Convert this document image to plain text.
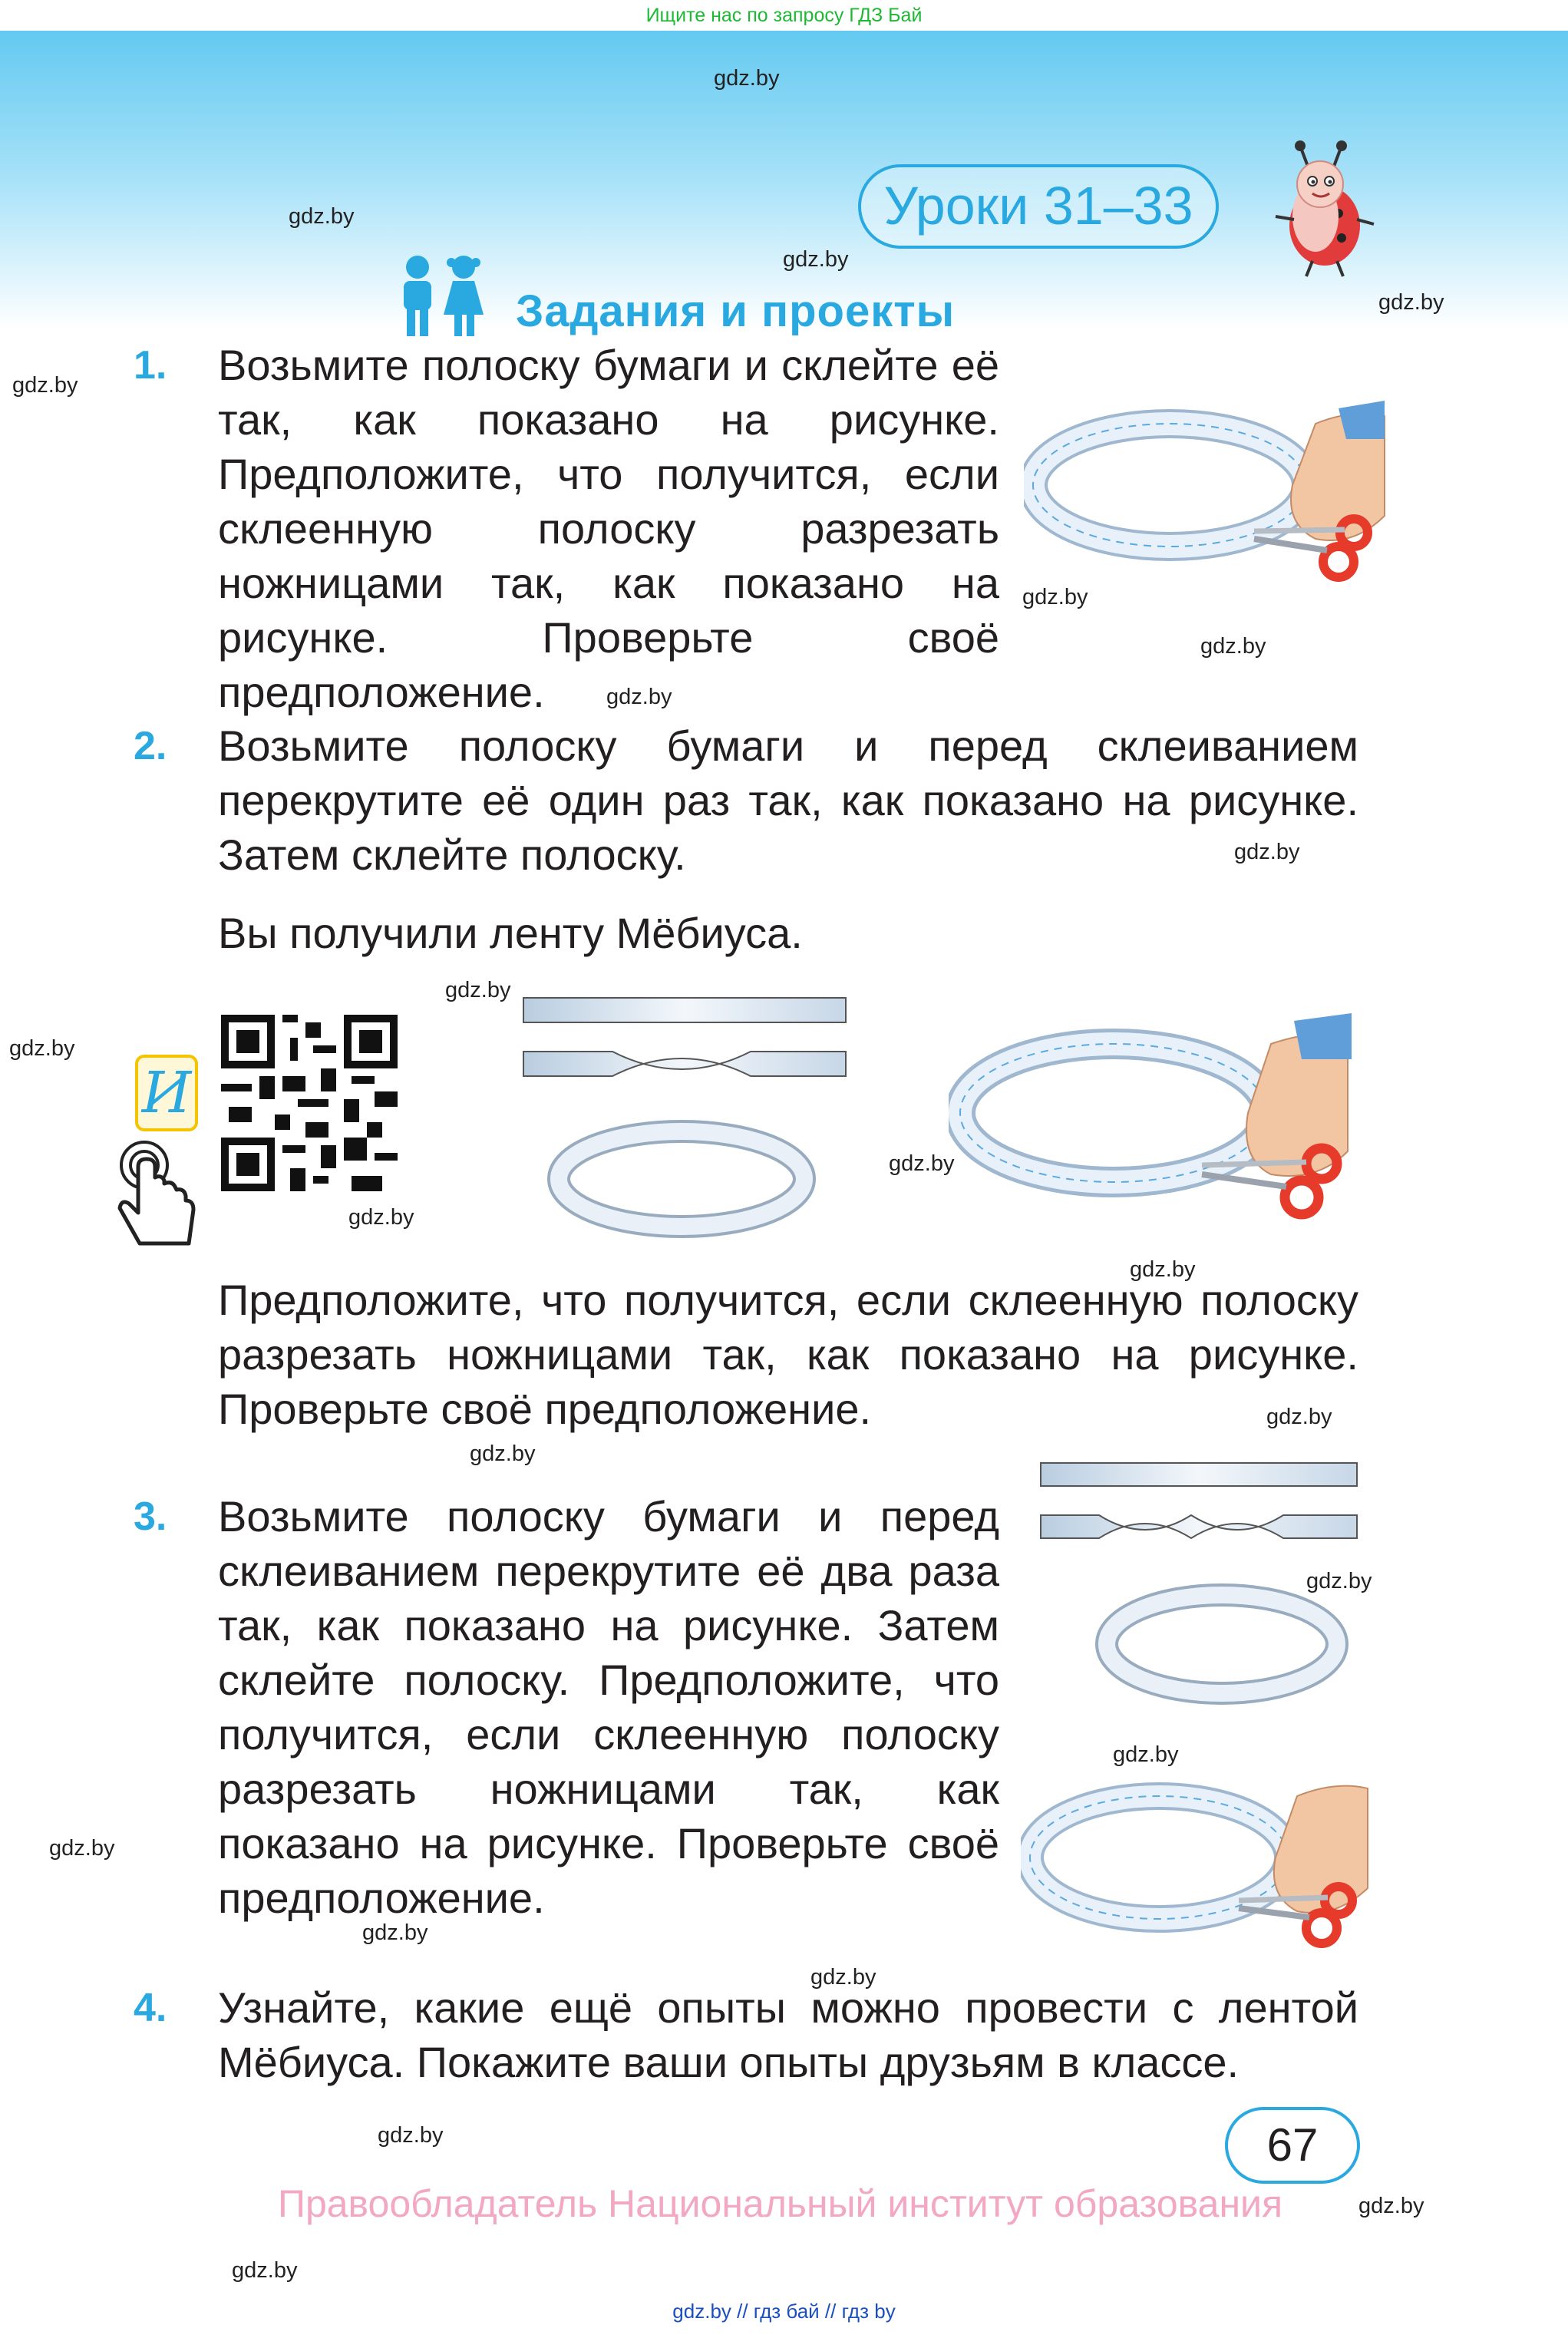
Ищите нас по запросу ГДЗ Бай
gdz.by
gdz.by
gdz.by
gdz.by
gdz.by
gdz.by
gdz.by
gdz.by
gdz.by
gdz.by
gdz.by
gdz.by
gdz.by
gdz.by
gdz.by
gdz.by
gdz.by
gdz.by
gdz.by
gdz.by
gdz.by
gdz.by
gdz.by
gdz.by
Уроки 31–33
Задания и проекты
1. Возьмите полоску бумаги и склейте её так, как показано на рисунке. Предположите, что получится, если склеенную полоску разрезать ножницами так, как показано на рисунке. Проверьте своё предположение.
2. Возьмите полоску бумаги и перед склеиванием перекрутите её один раз так, как показано на рисунке. Затем склейте полоску.
Вы получили ленту Мёбиуса.
И
Предположите, что получится, если склеенную полоску разрезать ножницами так, как показано на рисунке. Проверьте своё предположение.
3. Возьмите полоску бумаги и перед склеиванием перекрутите её два раза так, как показано на рисунке. Затем склейте полоску. Предположите, что получится, если склеенную полоску разрезать ножницами так, как показано на рисунке. Проверьте своё предположение.
4. Узнайте, какие ещё опыты можно провести с лентой Мёбиуса. Покажите ваши опыты друзьям в классе.
67
Правообладатель Национальный институт образования
gdz.by // гдз бай // гдз by
